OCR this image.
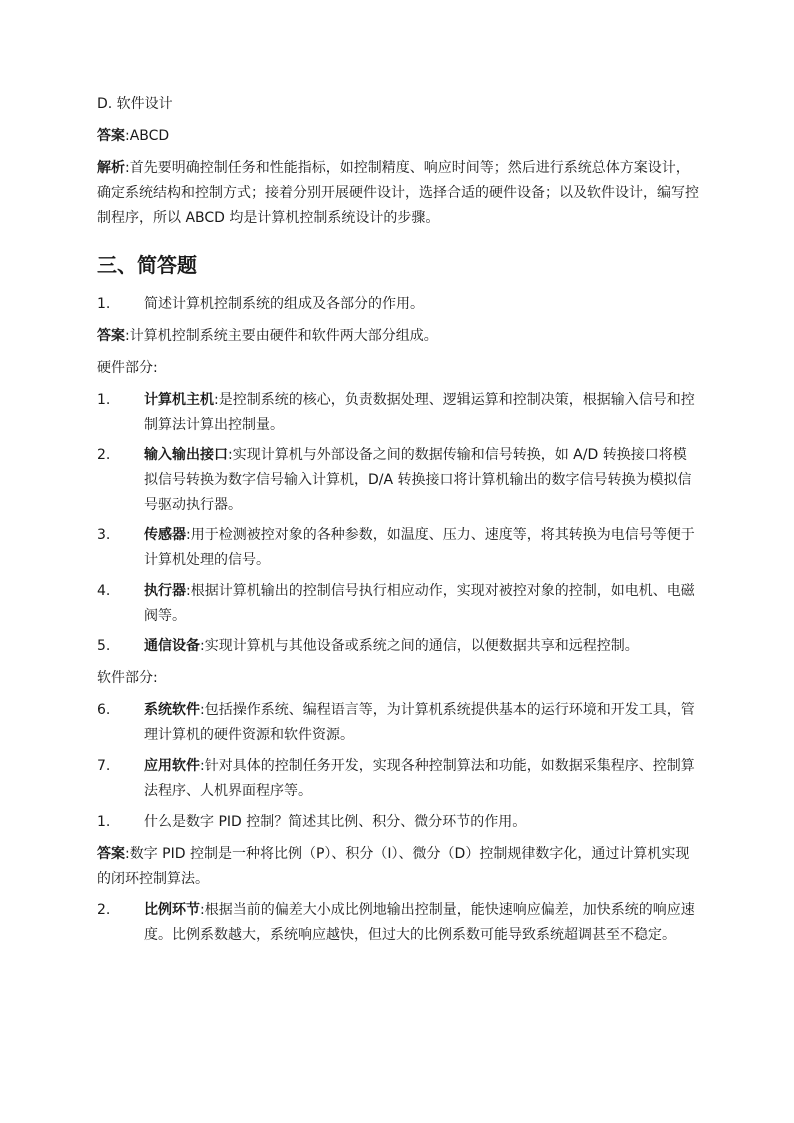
D. 软件设计

答案:ABCD

解析:首先要明确控制任务和性能指标，如控制精度、响应时间等；然后进行系统总体方案设计，确定系统结构和控制方式；接着分别开展硬件设计，选择合适的硬件设备；以及软件设计，编写控制程序，所以 ABCD 均是计算机控制系统设计的步骤。

三、简答题
1. 简述计算机控制系统的组成及各部分的作用。

答案:计算机控制系统主要由硬件和软件两大部分组成。

硬件部分:

1. 计算机主机:是控制系统的核心，负责数据处理、逻辑运算和控制决策，根据输入信号和控制算法计算出控制量。
2. 输入输出接口:实现计算机与外部设备之间的数据传输和信号转换，如 A/D 转换接口将模拟信号转换为数字信号输入计算机，D/A 转换接口将计算机输出的数字信号转换为模拟信号驱动执行器。
3. 传感器:用于检测被控对象的各种参数，如温度、压力、速度等，将其转换为电信号等便于计算机处理的信号。
4. 执行器:根据计算机输出的控制信号执行相应动作，实现对被控对象的控制，如电机、电磁阀等。
5. 通信设备:实现计算机与其他设备或系统之间的通信，以便数据共享和远程控制。

软件部分:

6. 系统软件:包括操作系统、编程语言等，为计算机系统提供基本的运行环境和开发工具，管理计算机的硬件资源和软件资源。
7. 应用软件:针对具体的控制任务开发，实现各种控制算法和功能，如数据采集程序、控制算法程序、人机界面程序等。
1. 什么是数字 PID 控制？简述其比例、积分、微分环节的作用。

答案:数字 PID 控制是一种将比例（P）、积分（I）、微分（D）控制规律数字化，通过计算机实现的闭环控制算法。

2. 比例环节:根据当前的偏差大小成比例地输出控制量，能快速响应偏差，加快系统的响应速度。比例系数越大，系统响应越快，但过大的比例系数可能导致系统超调甚至不稳定。
